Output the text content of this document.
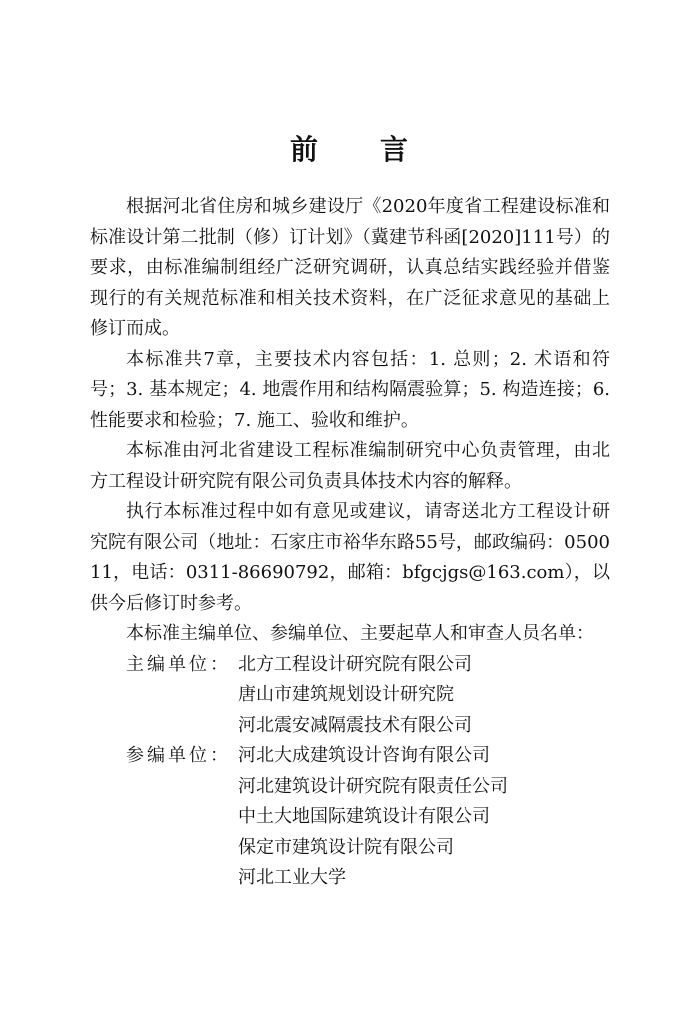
前　　言

根据河北省住房和城乡建设厅《2020年度省工程建设标准和标准设计第二批制（修）订计划》（冀建节科函[2020]111号）的要求，由标准编制组经广泛研究调研，认真总结实践经验并借鉴现行的有关规范标准和相关技术资料，在广泛征求意见的基础上修订而成。

本标准共7章，主要技术内容包括：1. 总则；2. 术语和符号；3. 基本规定；4. 地震作用和结构隔震验算；5. 构造连接；6. 性能要求和检验；7. 施工、验收和维护。

本标准由河北省建设工程标准编制研究中心负责管理，由北方工程设计研究院有限公司负责具体技术内容的解释。

执行本标准过程中如有意见或建议，请寄送北方工程设计研究院有限公司（地址：石家庄市裕华东路55号，邮政编码：050011，电话：0311-86690792，邮箱：bfgcjgs@163.com），以供今后修订时参考。

本标准主编单位、参编单位、主要起草人和审查人员名单：

主编单位： 北方工程设计研究院有限公司
唐山市建筑规划设计研究院
河北震安减隔震技术有限公司
参编单位： 河北大成建筑设计咨询有限公司
河北建筑设计研究院有限责任公司
中土大地国际建筑设计有限公司
保定市建筑设计院有限公司
河北工业大学
